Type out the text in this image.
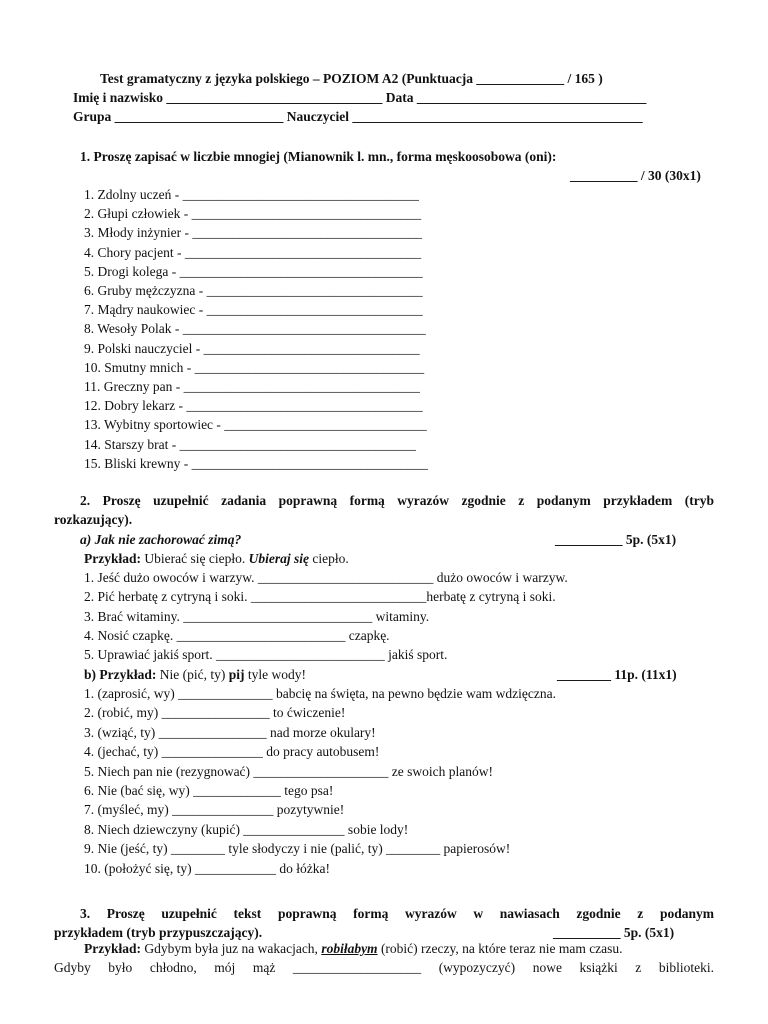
Test gramatyczny z języka polskiego – POZIOM A2 (Punktuacja _____________ / 165 )
Imię i nazwisko ________________________________ Data __________________________________
Grupa _________________________ Nauczyciel ___________________________________________
1. Proszę zapisać w liczbie mnogiej (Mianownik l. mn., forma męskoosobowa (oni):
__________ / 30 (30x1)
1. Zdolny uczeń - ___________________________________
2. Głupi człowiek - __________________________________
3. Młody inżynier - __________________________________
4. Chory pacjent - ___________________________________
5. Drogi kolega - ____________________________________
6. Gruby mężczyzna - ________________________________
7. Mądry naukowiec - ________________________________
8. Wesoły Polak - ____________________________________
9. Polski nauczyciel - ________________________________
10. Smutny mnich - __________________________________
11. Greczny pan - ___________________________________
12. Dobry lekarz - ___________________________________
13. Wybitny sportowiec - ______________________________
14. Starszy brat - ___________________________________
15. Bliski krewny - ___________________________________
2. Proszę uzupełnić zadania poprawną formą wyrazów zgodnie z podanym przykładem (tryb
rozkazujący).
a) Jak nie zachorować zimą?	__________ 5p. (5x1)
Przykład: Ubierać się ciepło. Ubieraj się ciepło.
1. Jeść dużo owoców i warzyw. __________________________ dużo owoców i warzyw.
2. Pić herbatę z cytryną i soki. __________________________herbatę z cytryną i soki.
3. Brać witaminy. ____________________________ witaminy.
4. Nosić czapkę. _________________________ czapkę.
5. Uprawiać jakiś sport. _________________________ jakiś sport.
b) Przykład: Nie (pić, ty) pij tyle wody!	________ 11p. (11x1)
1. (zaprosić, wy) ______________ babcię na święta, na pewno będzie wam wdzięczna.
2. (robić, my) ________________ to ćwiczenie!
3. (wziąć, ty) ________________ nad morze okulary!
4. (jechać, ty) _______________ do pracy autobusem!
5. Niech pan nie (rezygnować) ____________________ ze swoich planów!
6. Nie (bać się, wy) _____________ tego psa!
7. (myśleć, my) _______________ pozytywnie!
8. Niech dziewczyny (kupić) _______________ sobie lody!
9. Nie (jeść, ty) ________ tyle słodyczy i nie (palić, ty) ________ papierosów!
10. (położyć się, ty) ____________ do łóżka!
3. Proszę uzupełnić tekst poprawną formą wyrazów w nawiasach zgodnie z podanym
przykładem (tryb przypuszczający).	__________ 5p. (5x1)
Przykład: Gdybym była juz na wakacjach, robiłabym (robić) rzeczy, na które teraz nie mam czasu.
Gdyby było chłodno, mój mąż ___________________ (wypozyczyć) nowe książki z biblioteki.
